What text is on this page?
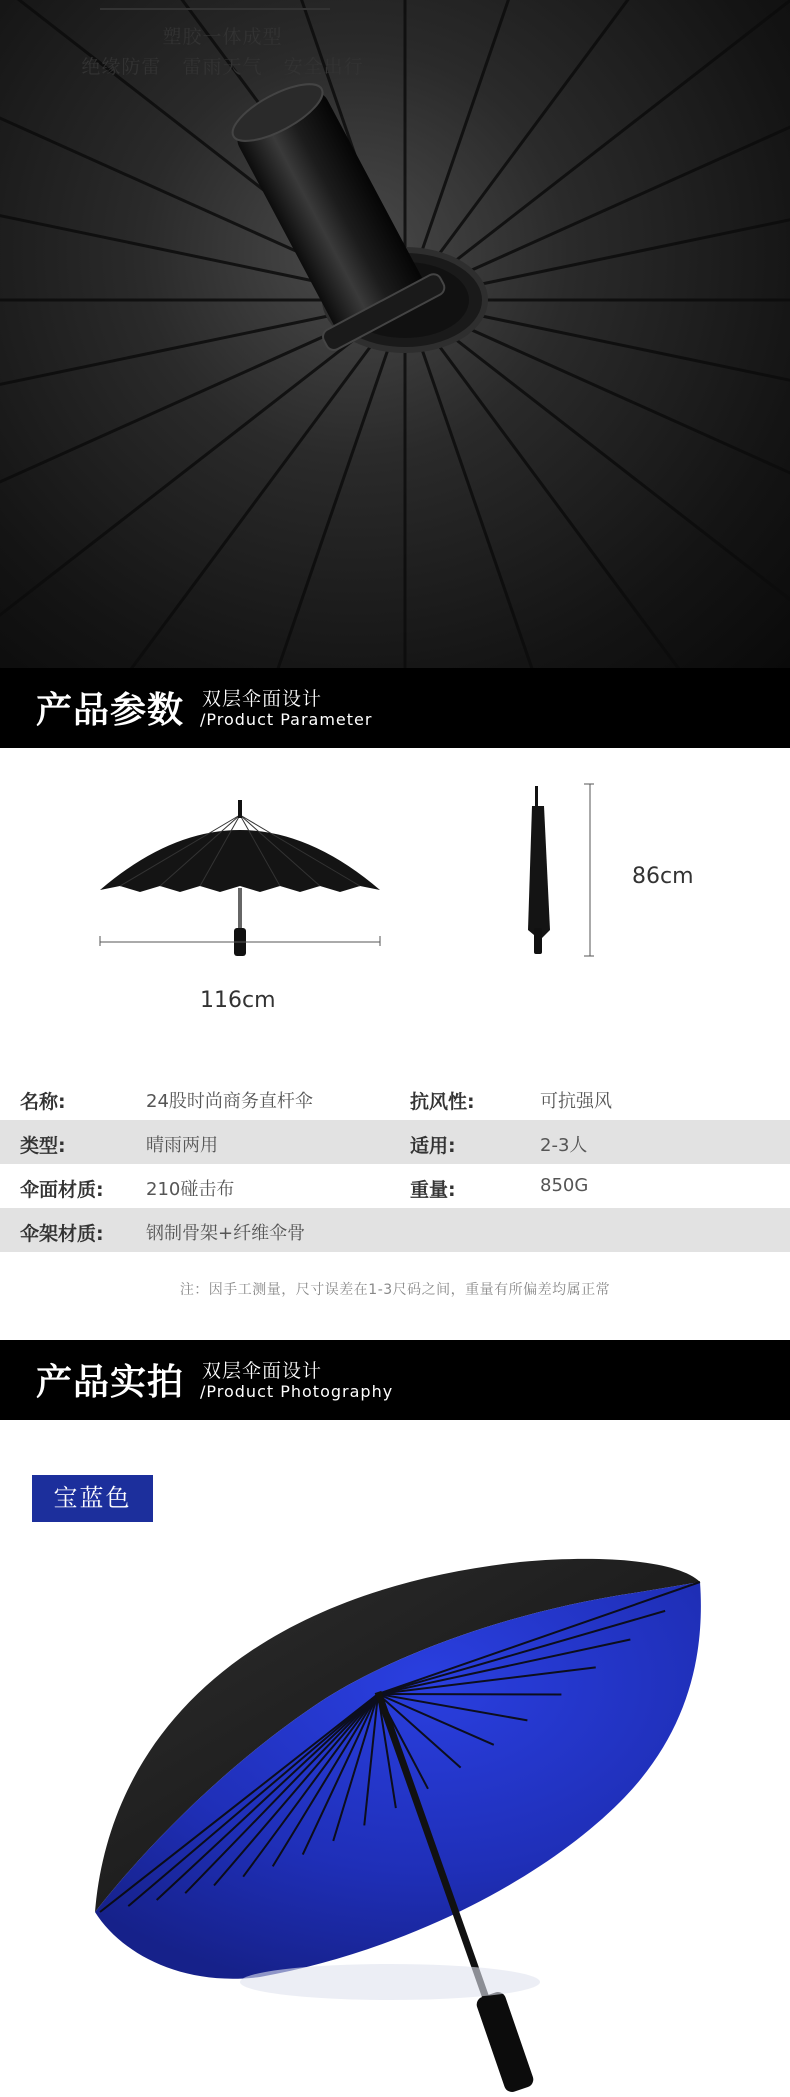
塑胶一体成型
绝缘防雷   雷雨天气   安全出行
产品参数 双层伞面设计
/Product Parameter
116cm
86cm
名称:	24股时尚商务直杆伞	抗风性:	可抗强风
类型:	晴雨两用	适用:	2-3人
伞面材质: 210碰击布	重量:	850G
伞架材质: 钢制骨架+纤维伞骨
注：因手工测量，尺寸误差在1-3尺码之间，重量有所偏差均属正常
产品实拍 双层伞面设计
/Product Photography
宝蓝色
